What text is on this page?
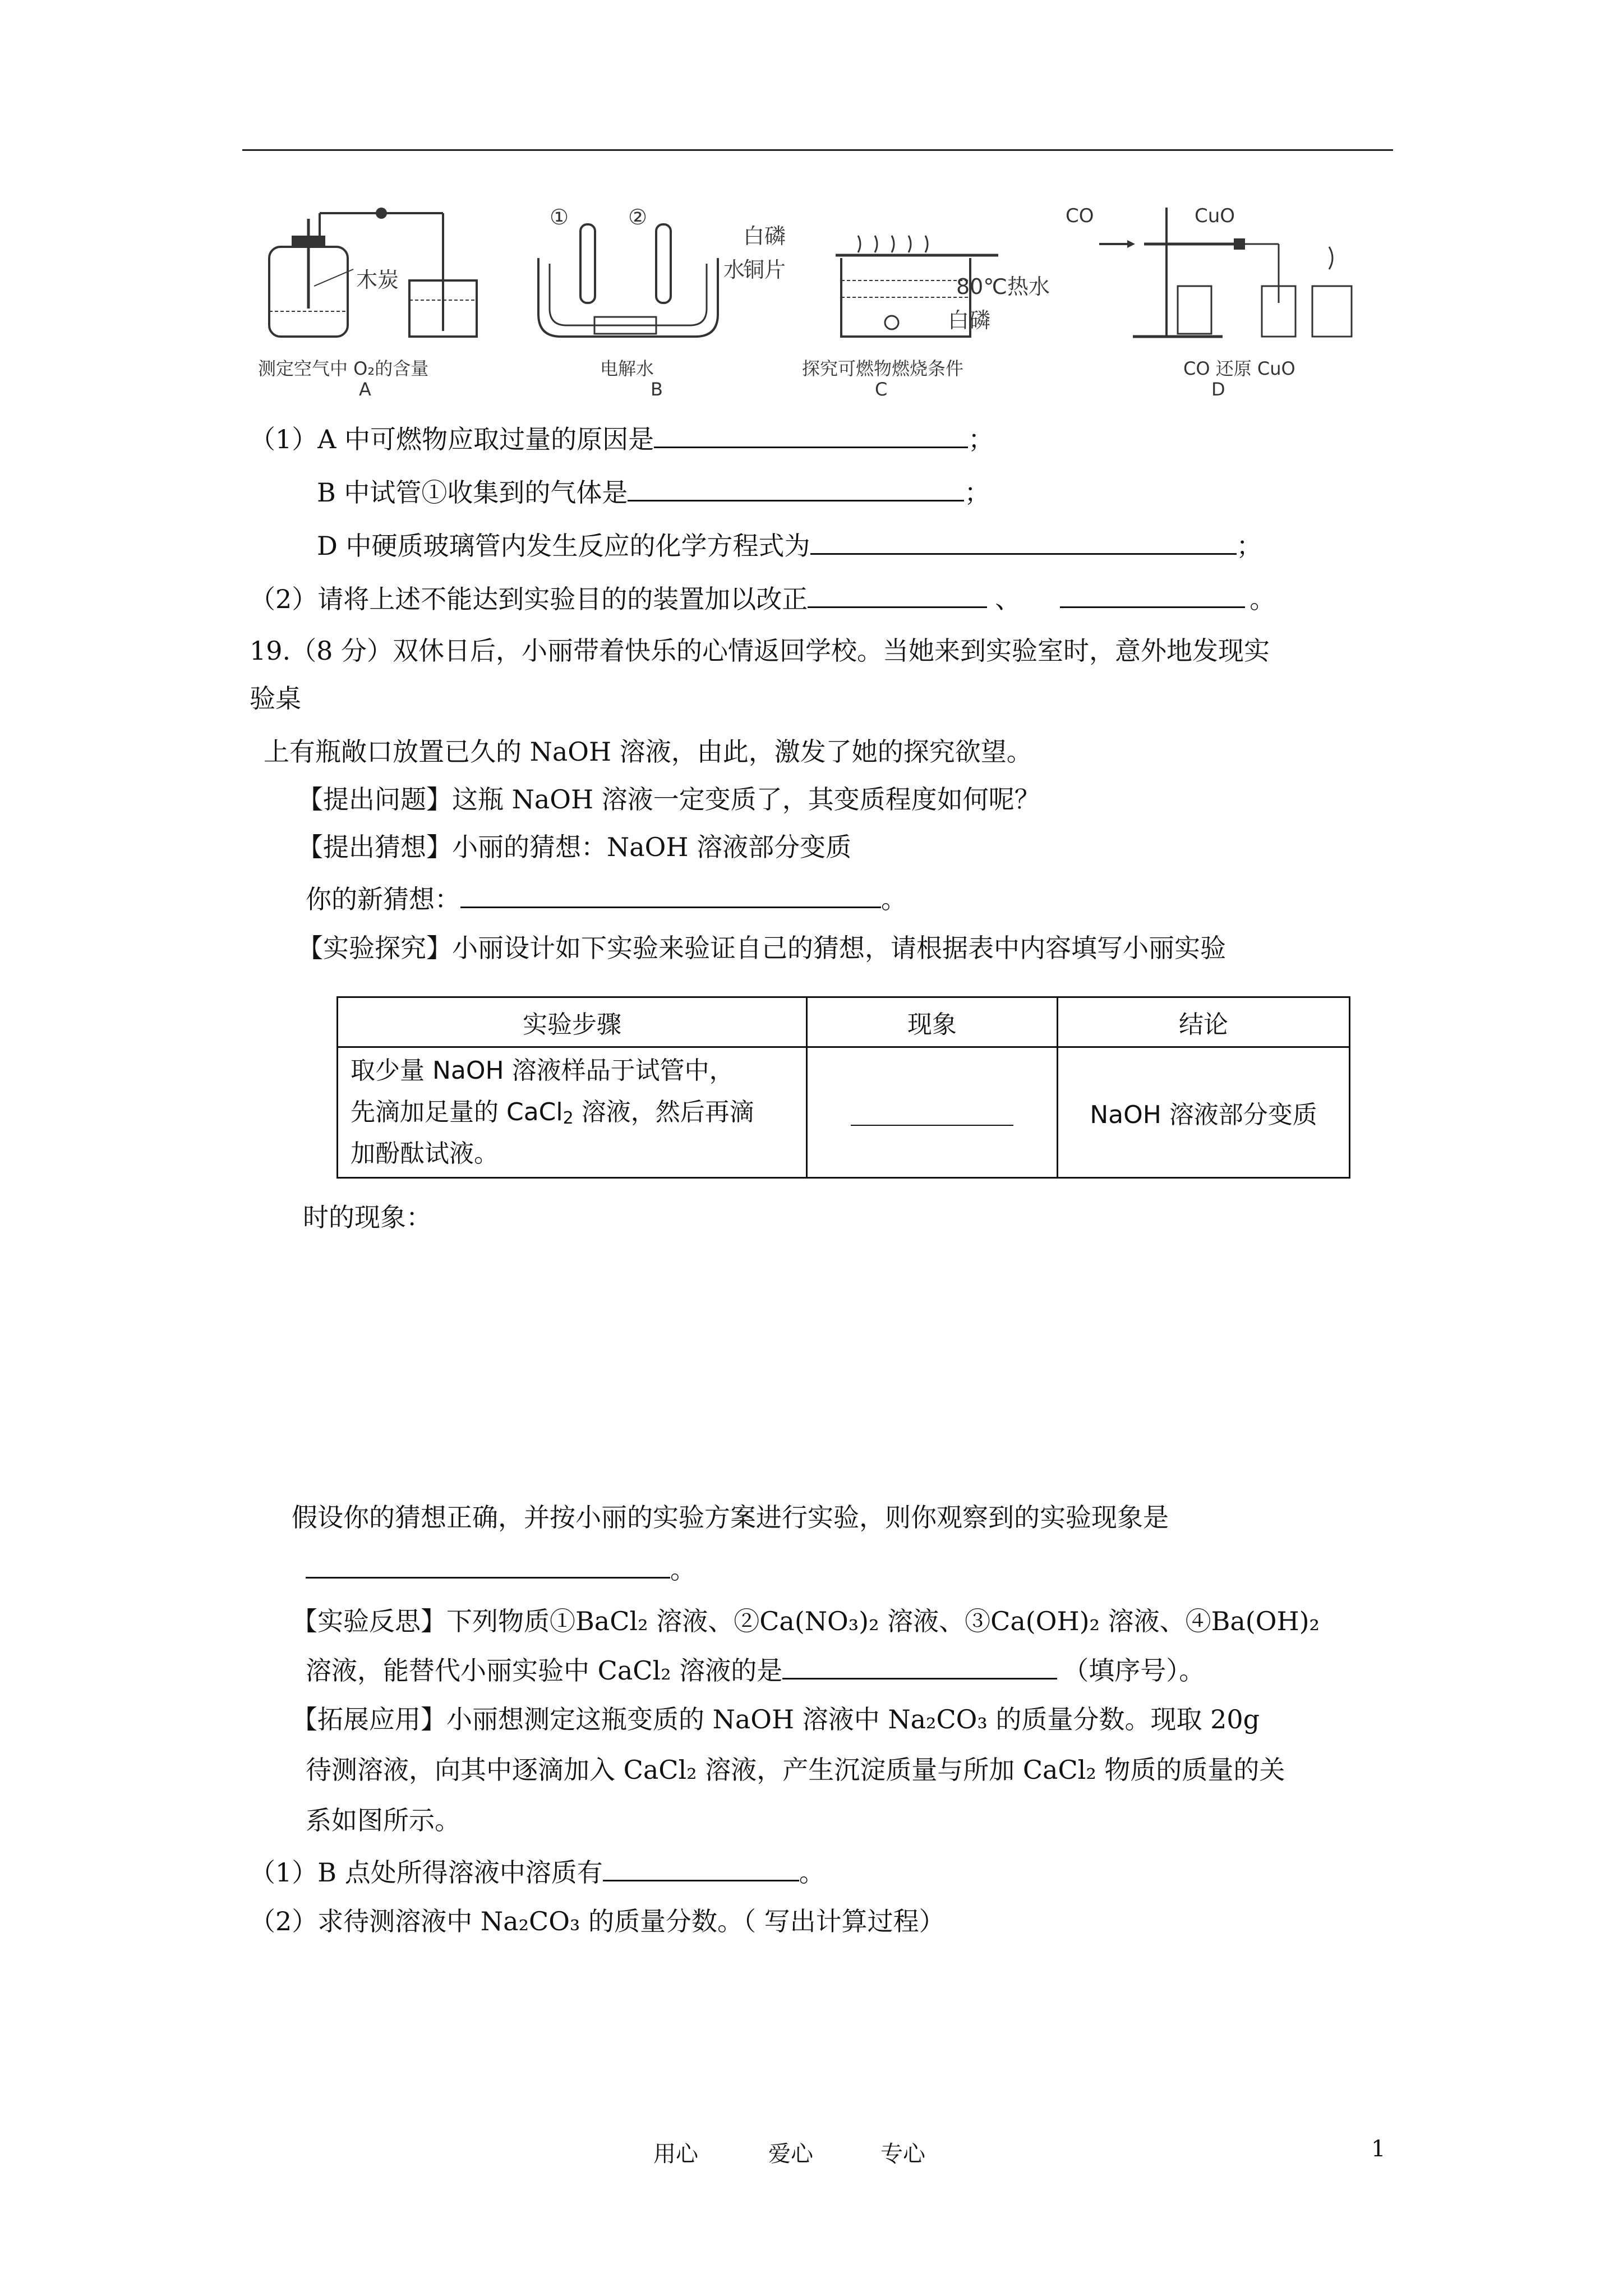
木炭
测定空气中 O₂的含量
A
①	②
水
电解水
B
白磷
铜片
80℃热水
白磷
探究可燃物燃烧条件
C
CO	CuO
CO 还原 CuO
D
（1）A 中可燃物应取过量的原因是	；
B 中试管①收集到的气体是	；
D 中硬质玻璃管内发生反应的化学方程式为	；
（2）请将上述不能达到实验目的的装置加以改正	、	。
19.（8 分）双休日后，小丽带着快乐的心情返回学校。当她来到实验室时，意外地发现实
验桌
上有瓶敞口放置已久的 NaOH 溶液，由此，激发了她的探究欲望。
【提出问题】这瓶 NaOH 溶液一定变质了，其变质程度如何呢？
【提出猜想】小丽的猜想：NaOH 溶液部分变质
你的新猜想：	。
【实验探究】小丽设计如下实验来验证自己的猜想，请根据表中内容填写小丽实验
实验步骤	现象	结论

取少量 NaOH 溶液样品于试管中，
先滴加足量的 CaCl$_2$ 溶液，然后再滴
加酚酞试液。		NaOH 溶液部分变质
时的现象：
假设你的猜想正确，并按小丽的实验方案进行实验，则你观察到的实验现象是
。
【实验反思】下列物质①BaCl₂ 溶液、②Ca(NO₃)₂ 溶液、③Ca(OH)₂ 溶液、④Ba(OH)₂
溶液，能替代小丽实验中 CaCl₂ 溶液的是	（填序号）。
【拓展应用】小丽想测定这瓶变质的 NaOH 溶液中 Na₂CO₃ 的质量分数。现取 20g
待测溶液，向其中逐滴加入 CaCl₂ 溶液，产生沉淀质量与所加 CaCl₂ 物质的质量的关
系如图所示。
（1）B 点处所得溶液中溶质有	。
（2）求待测溶液中 Na₂CO₃ 的质量分数。（ 写出计算过程）
用心	爱心	专心	1
